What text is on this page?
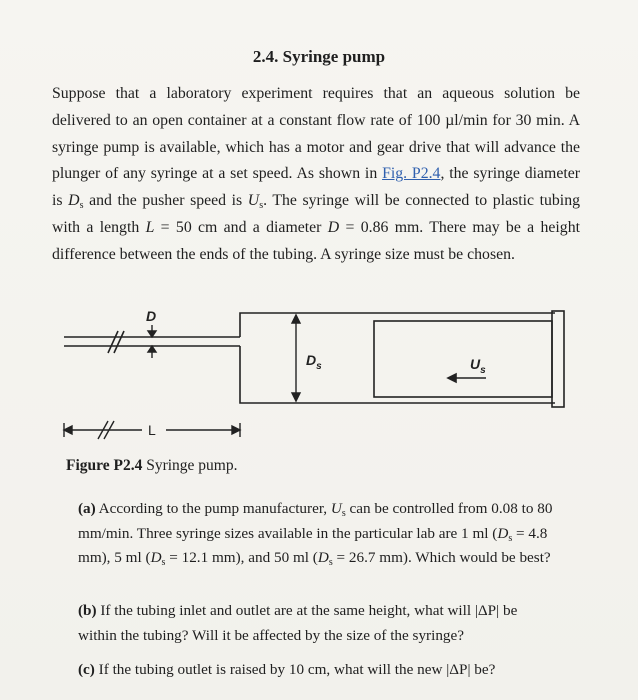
2.4. Syringe pump
Suppose that a laboratory experiment requires that an aqueous solution be delivered to an open container at a constant flow rate of 100 µl/min for 30 min. A syringe pump is available, which has a motor and gear drive that will advance the plunger of any syringe at a set speed. As shown in Fig. P2.4, the syringe diameter is $D_s$ and the pusher speed is $U_s$. The syringe will be connected to plastic tubing with a length L = 50 cm and a diameter D = 0.86 mm. There may be a height difference between the ends of the tubing. A syringe size must be chosen.
D
$D_s$	$U_s$
L
Figure P2.4 Syringe pump.
(a) According to the pump manufacturer, $U_s$ can be controlled from 0.08 to 80 mm/min. Three syringe sizes available in the particular lab are 1 ml ($D_s = 4.8$ mm), 5 ml ($D_s = 12.1$ mm), and 50 ml ($D_s = 26.7$ mm). Which would be best?
(b) If the tubing inlet and outlet are at the same height, what will |ΔP| be within the tubing? Will it be affected by the size of the syringe?
(c) If the tubing outlet is raised by 10 cm, what will the new |ΔP| be?
